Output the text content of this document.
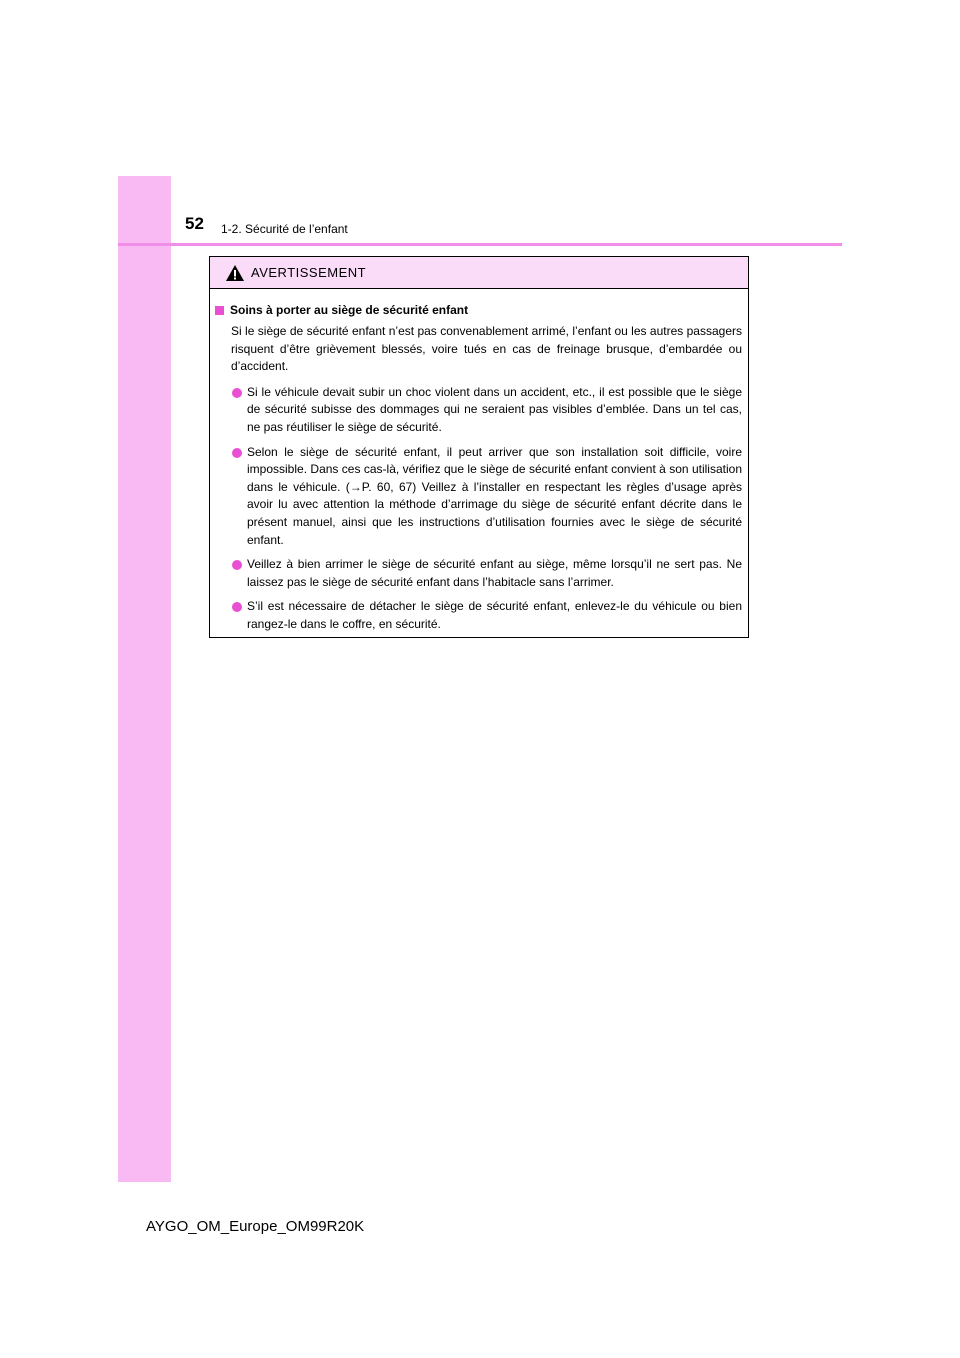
52 1-2. Sécurité de l’enfant
AVERTISSEMENT
Soins à porter au siège de sécurité enfant
Si le siège de sécurité enfant n’est pas convenablement arrimé, l’enfant ou les autres passagers risquent d’être grièvement blessés, voire tués en cas de freinage brusque, d’embardée ou d’accident.
Si le véhicule devait subir un choc violent dans un accident, etc., il est possible que le siège de sécurité subisse des dommages qui ne seraient pas visibles d’emblée. Dans un tel cas, ne pas réutiliser le siège de sécurité.
Selon le siège de sécurité enfant, il peut arriver que son installation soit difficile, voire impossible. Dans ces cas-là, vérifiez que le siège de sécurité enfant convient à son utilisation dans le véhicule. (→P. 60, 67) Veillez à l’installer en respectant les règles d’usage après avoir lu avec attention la méthode d’arrimage du siège de sécurité enfant décrite dans le présent manuel, ainsi que les instructions d’utilisation fournies avec le siège de sécurité enfant.
Veillez à bien arrimer le siège de sécurité enfant au siège, même lorsqu’il ne sert pas. Ne laissez pas le siège de sécurité enfant dans l’habitacle sans l’arrimer.
S’il est nécessaire de détacher le siège de sécurité enfant, enlevez-le du véhicule ou bien rangez-le dans le coffre, en sécurité.
AYGO_OM_Europe_OM99R20K
